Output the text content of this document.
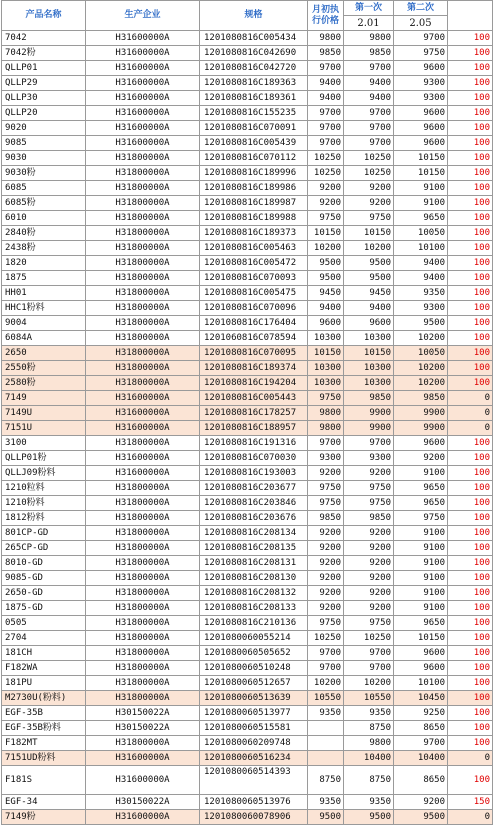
产品名称	生产企业	规格	月初执行价格	第一次	第二次	
				2.01	2.05	
7042	H31600000A	1201080816C005434	9800	9800	9700	100
7042粉	H31600000A	1201080816C042690	9850	9850	9750	100
QLLP01	H31600000A	1201080816C042720	9700	9700	9600	100
QLLP29	H31600000A	1201080816C189363	9400	9400	9300	100
QLLP30	H31600000A	1201080816C189361	9400	9400	9300	100
QLLP20	H31600000A	1201080816C155235	9700	9700	9600	100
9020	H31600000A	1201080816C070091	9700	9700	9600	100
9085	H31600000A	1201080816C005439	9700	9700	9600	100
9030	H31800000A	1201080816C070112	10250	10250	10150	100
9030粉	H31800000A	1201080816C189996	10250	10250	10150	100
6085	H31800000A	1201080816C189986	9200	9200	9100	100
6085粉	H31800000A	1201080816C189987	9200	9200	9100	100
6010	H31800000A	1201080816C189988	9750	9750	9650	100
2840粉	H31800000A	1201080816C189373	10150	10150	10050	100
2438粉	H31800000A	1201080816C005463	10200	10200	10100	100
1820	H31800000A	1201080816C005472	9500	9500	9400	100
1875	H31800000A	1201080816C070093	9500	9500	9400	100
HH01	H31800000A	1201080816C005475	9450	9450	9350	100
HHC1粉料	H31800000A	1201080816C070096	9400	9400	9300	100
9004	H31800000A	1201080816C176404	9600	9600	9500	100
6084A	H31800000A	1201060816C078594	10300	10300	10200	100
2650	H31800000A	1201080816C070095	10150	10150	10050	100
2550粉	H31800000A	1201080816C189374	10300	10300	10200	100
2580粉	H31800000A	1201080816C194204	10300	10300	10200	100
7149	H31600000A	1201080816C005443	9750	9850	9850	0
7149U	H31600000A	1201080816C178257	9800	9900	9900	0
7151U	H31600000A	1201080816C188957	9800	9900	9900	0
3100	H31800000A	1201080816C191316	9700	9700	9600	100
QLLP01粉	H31600000A	1201080816C070030	9300	9300	9200	100
QLLJ09粉料	H31600000A	1201080816C193003	9200	9200	9100	100
1210粒料	H31800000A	1201080816C203677	9750	9750	9650	100
1210粉料	H31800000A	1201080816C203846	9750	9750	9650	100
1812粉料	H31800000A	1201080816C203676	9850	9850	9750	100
801CP-GD	H31800000A	1201080816C208134	9200	9200	9100	100
265CP-GD	H31800000A	1201080816C208135	9200	9200	9100	100
8010-GD	H31800000A	1201080816C208131	9200	9200	9100	100
9085-GD	H31800000A	1201080816C208130	9200	9200	9100	100
2650-GD	H31800000A	1201080816C208132	9200	9200	9100	100
1875-GD	H31800000A	1201080816C208133	9200	9200	9100	100
0505	H31800000A	1201080816C210136	9750	9750	9650	100
2704	H31800000A	1201080060055214	10250	10250	10150	100
181CH	H31800000A	1201080060505652	9700	9700	9600	100
F182WA	H31800000A	1201080060510248	9700	9700	9600	100
181PU	H31800000A	1201080060512657	10200	10200	10100	100
M2730U(粉料)	H31800000A	1201080060513639	10550	10550	10450	100
EGF-35B	H30150022A	1201080060513977	9350	9350	9250	100
EGF-35B粉料	H30150022A	1201080060515581		8750	8650	100
F182MT	H31800000A	1201080060209748		9800	9700	100
7151UD粉料	H31600000A	1201080060516234		10400	10400	0
F181S	H31600000A	1201080060514393	8750	8750	8650	100
EGF-34	H30150022A	1201080060513976	9350	9350	9200	150
7149粉	H31600000A	1201080060078906	9500	9500	9500	0
